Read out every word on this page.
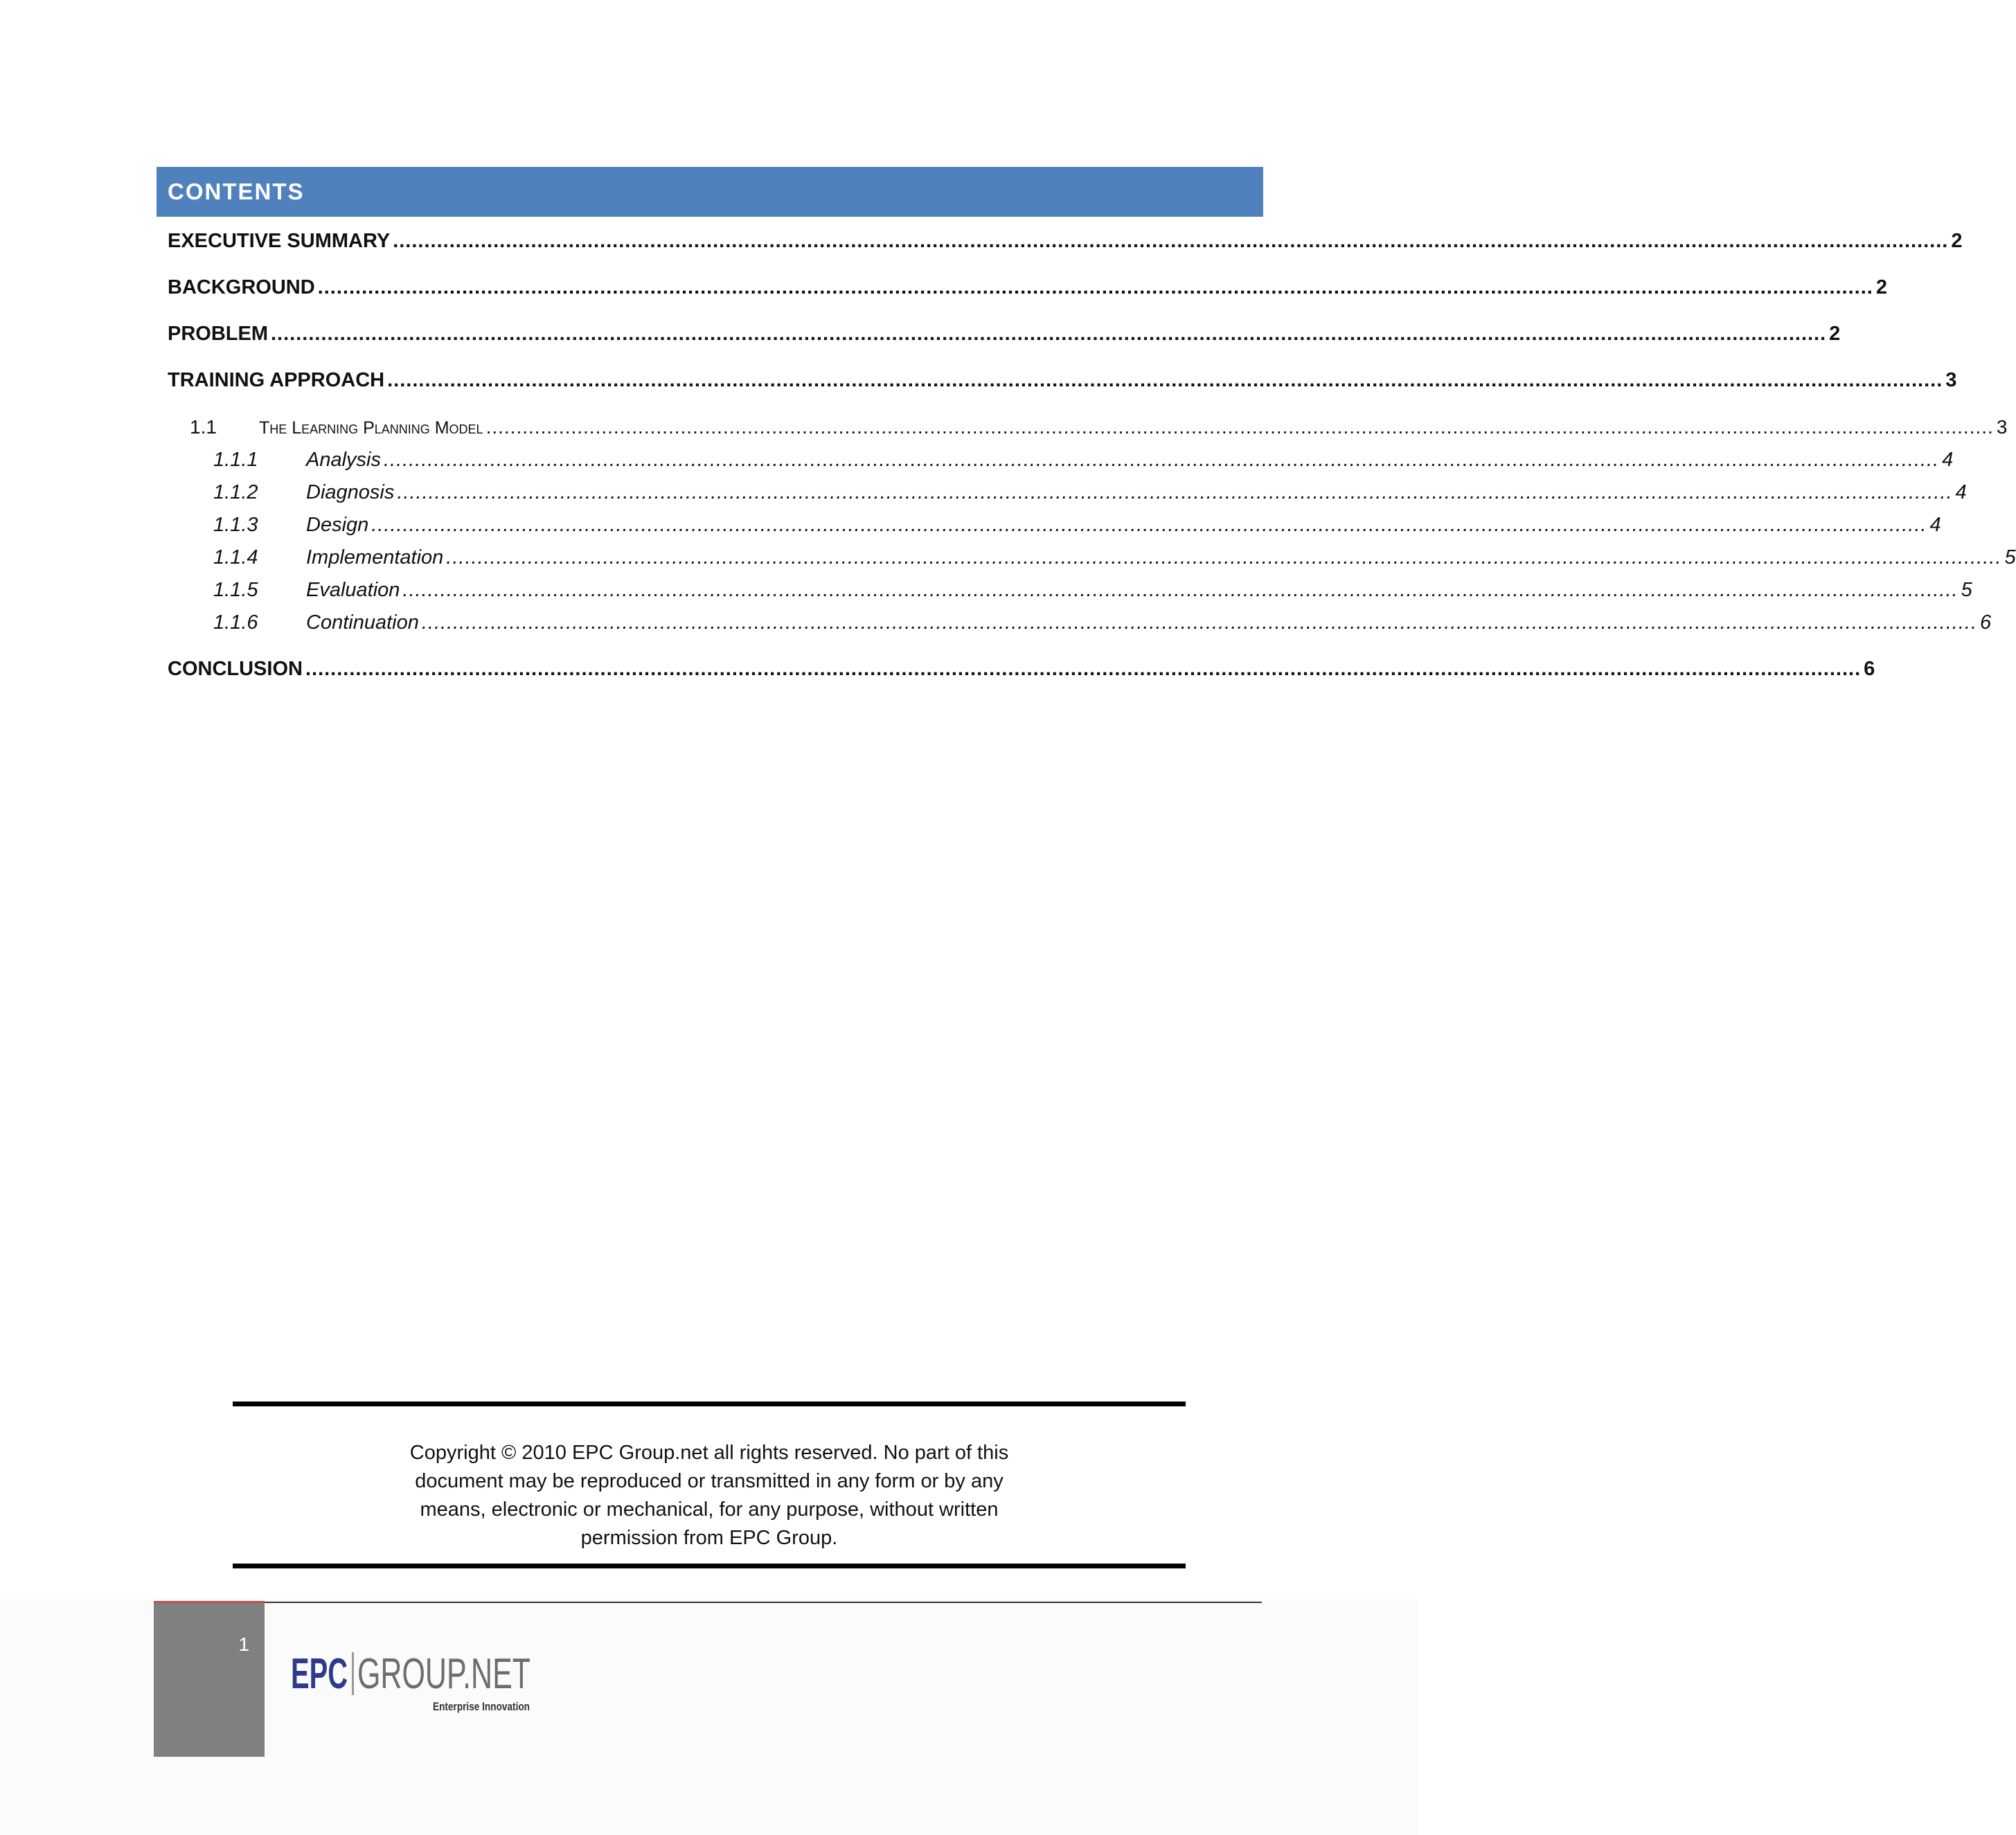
CONTENTS
EXECUTIVE SUMMARY ........................................................................................................................................................................................................................................................ 2
BACKGROUND ........................................................................................................................................................................................................................................................ 2
PROBLEM ........................................................................................................................................................................................................................................................ 2
TRAINING APPROACH ........................................................................................................................................................................................................................................................ 3
1.1	The Learning Planning Model ........................................................................................................................................................................................................................................................ 3
1.1.1	Analysis ........................................................................................................................................................................................................................................................ 4
1.1.2	Diagnosis ........................................................................................................................................................................................................................................................ 4
1.1.3	Design ........................................................................................................................................................................................................................................................ 4
1.1.4	Implementation ........................................................................................................................................................................................................................................................ 5
1.1.5	Evaluation ........................................................................................................................................................................................................................................................ 5
1.1.6	Continuation ........................................................................................................................................................................................................................................................ 6
CONCLUSION ........................................................................................................................................................................................................................................................ 6
Copyright © 2010 EPC Group.net all rights reserved. No part of this document may be reproduced or transmitted in any form or by any means, electronic or mechanical, for any purpose, without written permission from EPC Group.
1
EPC GROUP.NET
Enterprise Innovation
